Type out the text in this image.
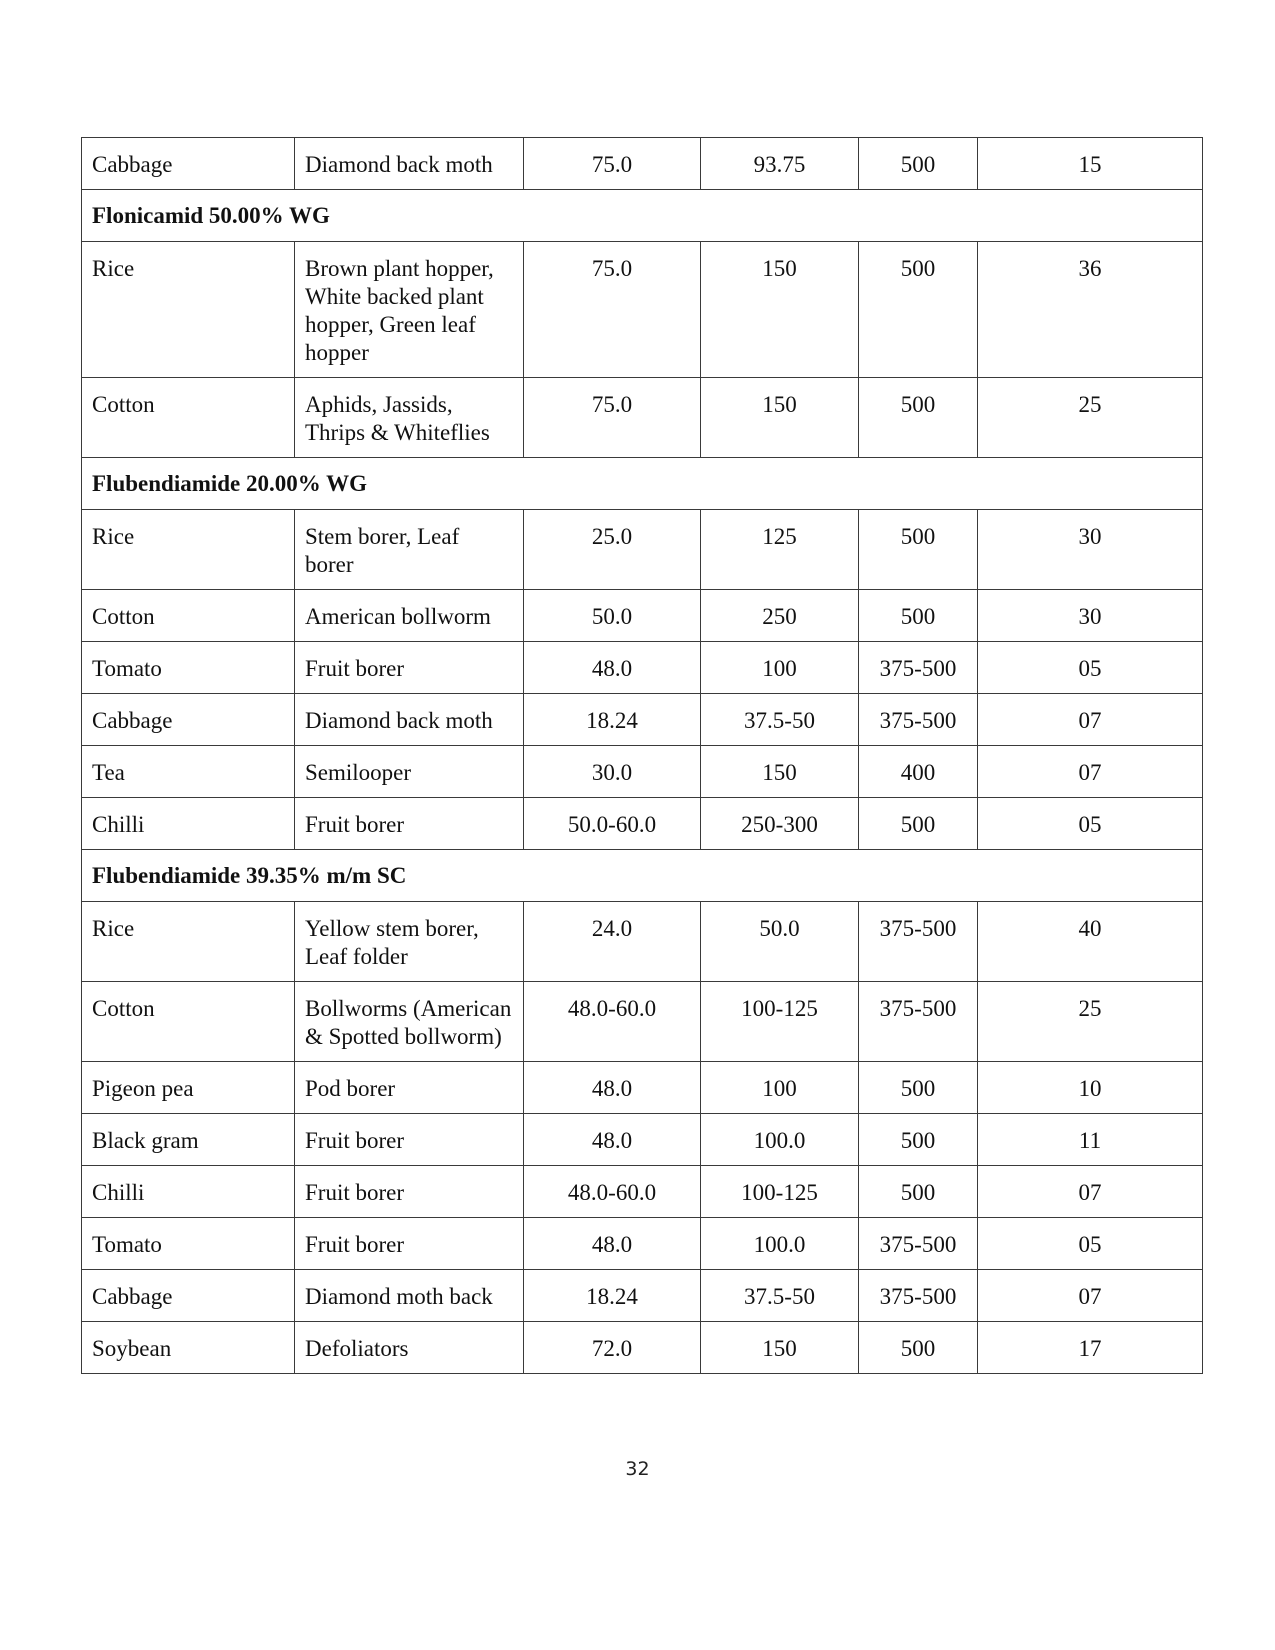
Cabbage	Diamond back moth	75.0	93.75	500	15
Flonicamid 50.00% WG					
Rice	Brown plant hopper, White backed plant hopper, Green leaf hopper	75.0	150	500	36
Cotton	Aphids, Jassids, Thrips & Whiteflies	75.0	150	500	25
Flubendiamide 20.00% WG					
Rice	Stem borer, Leaf borer	25.0	125	500	30
Cotton	American bollworm	50.0	250	500	30
Tomato	Fruit borer	48.0	100	375-500	05
Cabbage	Diamond back moth	18.24	37.5-50	375-500	07
Tea	Semilooper	30.0	150	400	07
Chilli	Fruit borer	50.0-60.0	250-300	500	05
Flubendiamide 39.35% m/m SC					
Rice	Yellow stem borer, Leaf folder	24.0	50.0	375-500	40
Cotton	Bollworms (American & Spotted bollworm)	48.0-60.0	100-125	375-500	25
Pigeon pea	Pod borer	48.0	100	500	10
Black gram	Fruit borer	48.0	100.0	500	11
Chilli	Fruit borer	48.0-60.0	100-125	500	07
Tomato	Fruit borer	48.0	100.0	375-500	05
Cabbage	Diamond moth back	18.24	37.5-50	375-500	07
Soybean	Defoliators	72.0	150	500	17
32
